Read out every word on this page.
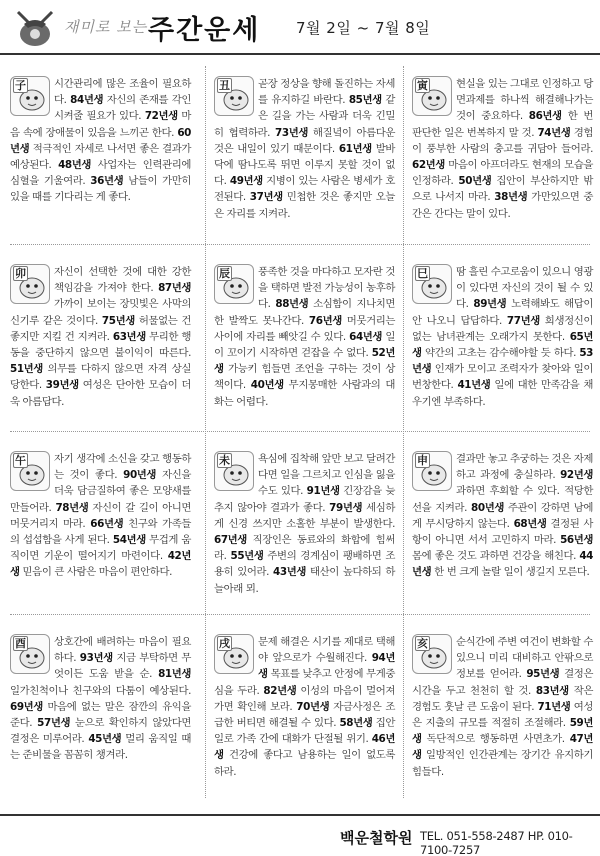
재미로 보는 주간운세 7월 2일 ~ 7월 8일

子	시간관리에 많은 조율이 필요하다. 84년생 자신의 존재를 각인시켜줄 필요가 있다. 72년생 마음 속에 장애물이 있음을 느끼곤 한다. 60년생 적극적인 자세로 나서면 좋은 결과가 예상된다. 48년생 사업자는 인력관리에 심혈을 기울여라. 36년생 남들이 가만히 있을 때를 기다리는 게 좋다.

丑	곧장 정상을 향해 돌진하는 자세를 유지하길 바란다. 85년생 같은 길을 가는 사람과 더욱 긴밀히 협력하라. 73년생 해질녘이 아름다운 것은 내일이 있기 때문이다. 61년생 발바닥에 땀나도록 뛰면 이루지 못할 것이 없다. 49년생 지병이 있는 사람은 병세가 호전된다. 37년생 민첩한 것은 좋지만 오늘은 자리를 지켜라.

寅	현실을 있는 그대로 인정하고 당면과제를 하나씩 해결해나가는 것이 중요하다. 86년생 한 번 판단한 일은 번복하지 말 것. 74년생 경험이 풍부한 사람의 충고를 귀담아 들어라. 62년생 마음이 아프더라도 현재의 모습을 인정하라. 50년생 집안이 부산하지만 밖으로 나서지 마라. 38년생 가만있으면 중간은 간다는 말이 있다.

卯	자신이 선택한 것에 대한 강한 책임감을 가져야 한다. 87년생 가까이 보이는 장밋빛은 사막의 신기루 같은 것이다. 75년생 허물없는 건 좋지만 지킬 건 지켜라. 63년생 무리한 행동을 중단하지 않으면 불이익이 따른다. 51년생 의무를 다하지 않으면 자격 상실당한다. 39년생 여성은 단아한 모습이 더욱 아름답다.

辰	풍족한 것을 마다하고 모자란 것을 택하면 발전 가능성이 농후하다. 88년생 소심함이 지나치면 한 발짝도 못나간다. 76년생 머뭇거리는 사이에 자리를 빼앗길 수 있다. 64년생 일이 꼬이기 시작하면 걷잡을 수 없다. 52년생 가능키 힘들면 조언을 구하는 것이 상책이다. 40년생 무지몽매한 사람과의 대화는 어렵다.

巳	땀 흘린 수고로움이 있으니 영광이 있다면 자신의 것이 될 수 있다. 89년생 노력해봐도 해답이 안 나오니 답답하다. 77년생 희생정신이 없는 남녀관계는 오래가지 못한다. 65년생 약간의 고초는 감수해야할 듯 하다. 53년생 인재가 모이고 조력자가 찾아와 일이 번창한다. 41년생 일에 대한 만족감을 채우기엔 부족하다.

午	자기 생각에 소신을 갖고 행동하는 것이 좋다. 90년생 자신을 더욱 담금질하여 좋은 모양새를 만들어라. 78년생 자신이 갈 길이 아니면 머뭇거리지 마라. 66년생 친구와 가족들의 섭섭함을 사게 된다. 54년생 무겁게 움직이면 기운이 떨어지기 마련이다. 42년생 믿음이 큰 사람은 마음이 편안하다.

未	욕심에 집착해 앞만 보고 달려간다면 일을 그르치고 인심을 잃을 수도 있다. 91년생 긴장감을 늦추지 않아야 결과가 좋다. 79년생 세심하게 신경 쓰지만 소홀한 부분이 발생한다. 67년생 직장인은 동료와의 화합에 힘써라. 55년생 주변의 경계심이 팽배하면 조용히 있어라. 43년생 태산이 높다하되 하늘아래 뫼.

申	결과만 놓고 추궁하는 것은 자제하고 과정에 충실하라. 92년생 과하면 후회할 수 있다. 적당한 선을 지켜라. 80년생 주관이 강하면 남에게 무시당하지 않는다. 68년생 결정된 사항이 아니면 서서 고민하지 마라. 56년생 몸에 좋은 것도 과하면 건강을 해친다. 44년생 한 번 크게 놀랄 일이 생길지 모른다.

酉	상호간에 배려하는 마음이 필요하다. 93년생 지금 부탁하면 무엇이든 도움 받을 순. 81년생 일가친척이나 친구와의 다툼이 예상된다. 69년생 마음에 없는 말은 잠깐의 유익을 준다. 57년생 눈으로 확인하지 않았다면 결정은 미루어라. 45년생 멀리 움직일 때는 준비물을 꼼꼼히 챙겨라.

戌	문제 해결은 시기를 제대로 택해야 앞으로가 수월해진다. 94년생 목표를 낮추고 안정에 무게중심을 두라. 82년생 이성의 마음이 멀어져 가면 확인해 보라. 70년생 자금사정은 조급한 버티면 해결될 수 있다. 58년생 집안 일로 가족 간에 대화가 단절될 위기. 46년생 건강에 좋다고 남용하는 일이 없도록 하라.

亥	순식간에 주변 여건이 변화할 수 있으니 미리 대비하고 안팎으로 정보를 얻어라. 95년생 결정은 시간을 두고 천천히 할 것. 83년생 작은 경험도 훗날 큰 도움이 된다. 71년생 여성은 지출의 규모를 적절히 조절해라. 59년생 독단적으로 행동하면 사면초가. 47년생 일방적인 인간관계는 장기간 유지하기 힘들다.

백운철학원 TEL. 051-558-2487 HP. 010-7100-7257
